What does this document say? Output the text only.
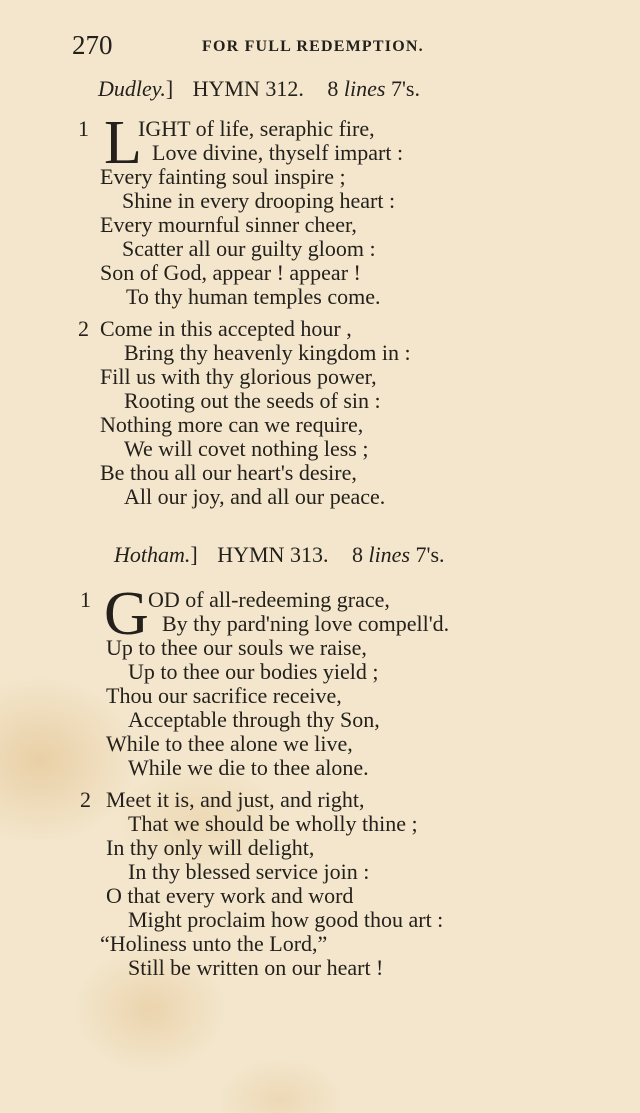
270	FOR FULL REDEMPTION.
Dudley.] HYMN 312. 8 lines 7's.
1 L
IGHT of life, seraphic fire,
Love divine, thyself impart :
Every fainting soul inspire ;
Shine in every drooping heart :
Every mournful sinner cheer,
Scatter all our guilty gloom :
Son of God, appear ! appear !
To thy human temples come.
2 Come in this accepted hour ,
Bring thy heavenly kingdom in :
Fill us with thy glorious power,
Rooting out the seeds of sin :
Nothing more can we require,
We will covet nothing less ;
Be thou all our heart's desire,
All our joy, and all our peace.
Hotham.] HYMN 313. 8 lines 7's.
1 G OD of all-redeeming grace,
By thy pard'ning love compell'd.
Up to thee our souls we raise,
Up to thee our bodies yield ;
Thou our sacrifice receive,
Acceptable through thy Son,
While to thee alone we live,
While we die to thee alone.
2 Meet it is, and just, and right,
That we should be wholly thine ;
In thy only will delight,
In thy blessed service join :
O that every work and word
Might proclaim how good thou art :
“Holiness unto the Lord,”
Still be written on our heart !
